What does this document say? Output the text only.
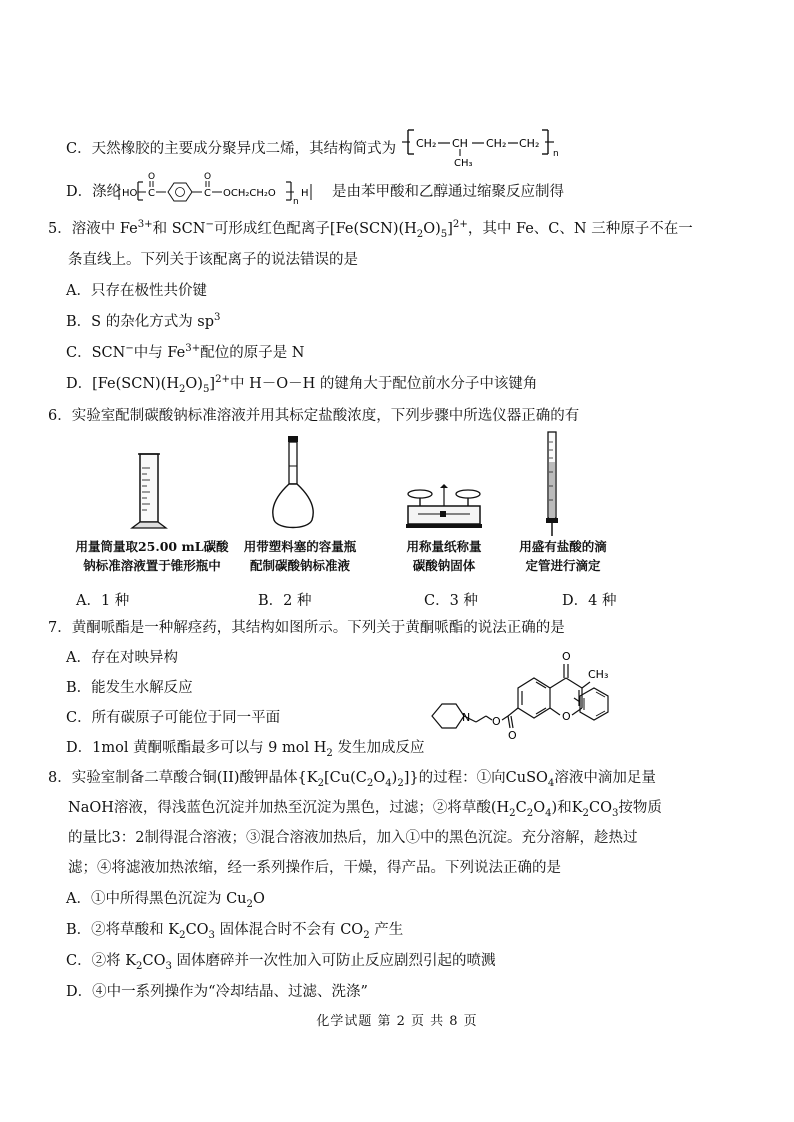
C．天然橡胶的主要成分聚异戊二烯，其结构简式为 CH₂ CH
CH₃
CH₂ CH₂
n
D．涤纶 HO C
O
C
O
OCH₂CH₂O
n
H 是由苯甲酸和乙醇通过缩聚反应制得
5．溶液中 $Fe^{3+}$和 SCN−可形成红色配离子$[Fe(SCN)(H_2O)_5]^{2+}$，其中 Fe、C、N 三种原子不在一
条直线上。下列关于该配离子的说法错误的是
A．只存在极性共价键
B．S 的杂化方式为 $sp^3$
C．SCN−中与 $Fe^{3+}$配位的原子是 N
D．$[Fe(SCN)(H_2O)_5]^{2+}$中 H－O－H 的键角大于配位前水分子中该键角
6．实验室配制碳酸钠标准溶液并用其标定盐酸浓度，下列步骤中所选仪器正确的有
用量筒量取25.00 mL碳酸
钠标准溶液置于锥形瓶中
用带塑料塞的容量瓶
配制碳酸钠标准液
用称量纸称量
碳酸钠固体
用盛有盐酸的滴
定管进行滴定
A．1 种	B．2 种	C．3 种	D．4 种
7．黄酮哌酯是一种解痉药，其结构如图所示。下列关于黄酮哌酯的说法正确的是
A．存在对映异构
B．能发生水解反应
C．所有碳原子可能位于同一平面
D．1mol 黄酮哌酯最多可以与 9 mol $H_2$ 发生加成反应
O
CH₃
N	O
O
O
8．实验室制备二草酸合铜(II)酸钾晶体$\{K_2[Cu(C_2O_4)_2]\}$的过程：①向CuSO$_4$溶液中滴加足量
NaOH溶液，得浅蓝色沉淀并加热至沉淀为黑色，过滤；②将草酸$(H_2C_2O_4)$和$K_2CO_3$按物质
的量比3：2制得混合溶液；③混合溶液加热后，加入①中的黑色沉淀。充分溶解，趁热过
滤；④将滤液加热浓缩，经一系列操作后，干燥，得产品。下列说法正确的是
A．①中所得黑色沉淀为 $Cu_2O$
B．②将草酸和 $K_2CO_3$ 固体混合时不会有 $CO_2$ 产生
C．②将 $K_2CO_3$ 固体磨碎并一次性加入可防止反应剧烈引起的喷溅
D．④中一系列操作为“冷却结晶、过滤、洗涤”
化学试题 第 2 页 共 8 页
